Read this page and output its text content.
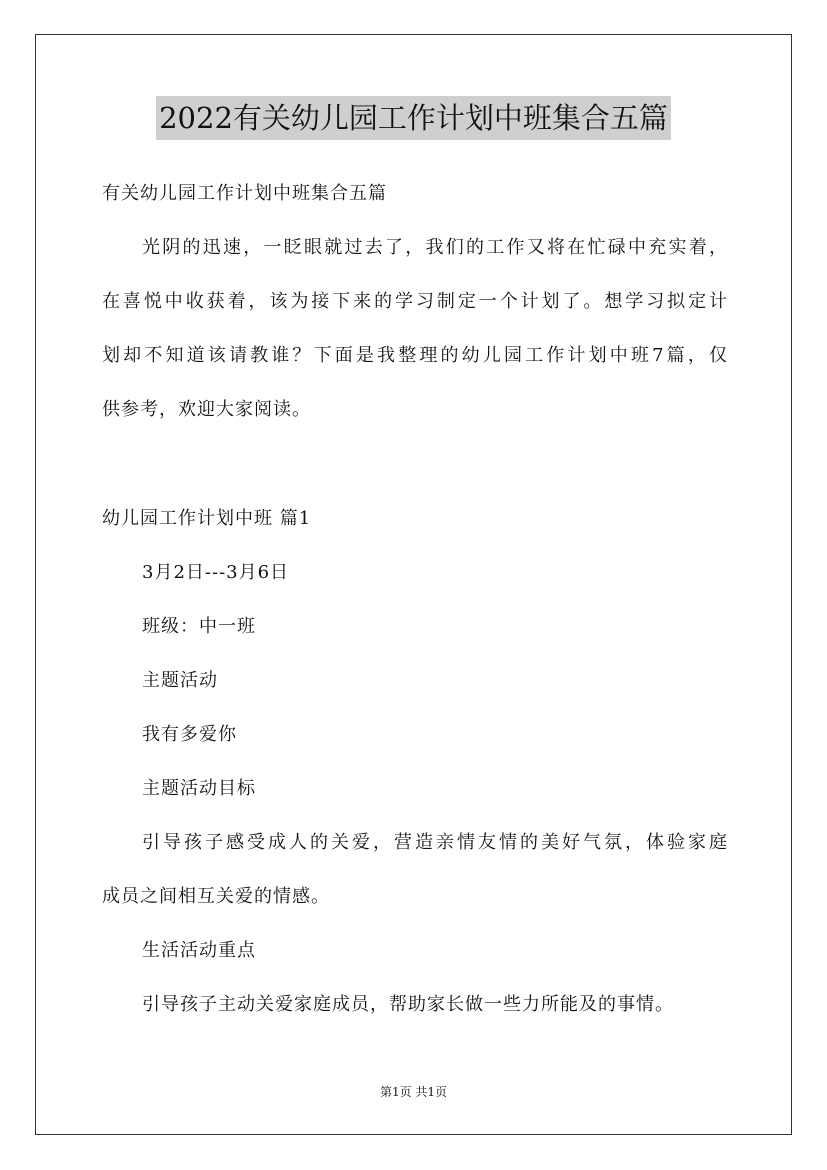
2022有关幼儿园工作计划中班集合五篇
有关幼儿园工作计划中班集合五篇
光阴的迅速，一眨眼就过去了，我们的工作又将在忙碌中充实着，
在喜悦中收获着，该为接下来的学习制定一个计划了。想学习拟定计
划却不知道该请教谁？下面是我整理的幼儿园工作计划中班7篇，仅
供参考，欢迎大家阅读。
幼儿园工作计划中班 篇1
3月2日---3月6日
班级：中一班
主题活动
我有多爱你
主题活动目标
引导孩子感受成人的关爱，营造亲情友情的美好气氛，体验家庭
成员之间相互关爱的情感。
生活活动重点
引导孩子主动关爱家庭成员，帮助家长做一些力所能及的事情。
第1页 共1页
